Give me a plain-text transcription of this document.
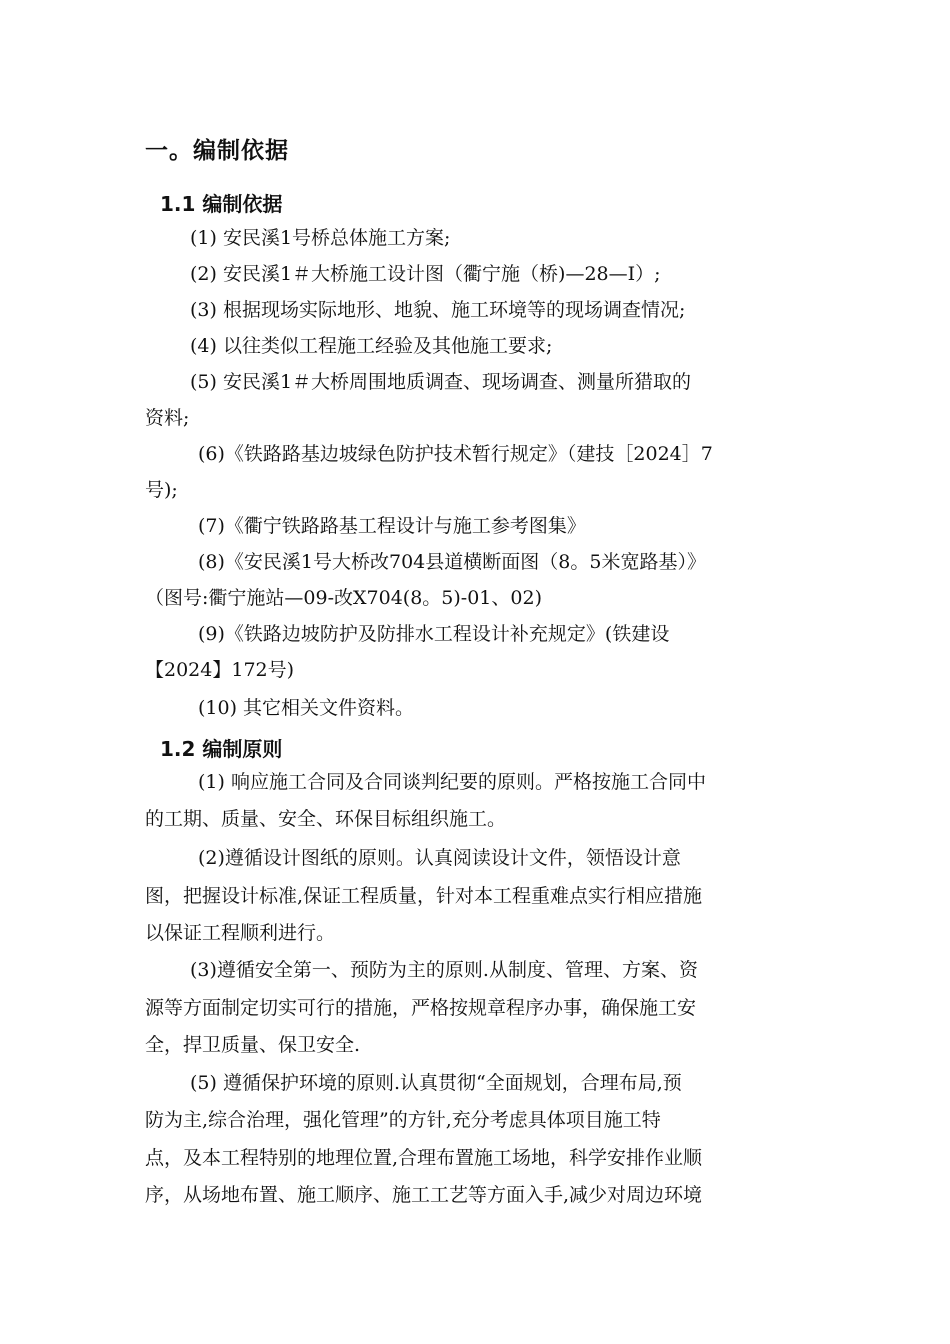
一。编制依据
1.1 编制依据
(1) 安民溪1号桥总体施工方案;
(2) 安民溪1＃大桥施工设计图（衢宁施（桥)—28—Ⅰ）;
(3) 根据现场实际地形、地貌、施工环境等的现场调查情况;
(4) 以往类似工程施工经验及其他施工要求;
(5) 安民溪1＃大桥周围地质调查、现场调查、测量所猎取的
资料;
(6)《铁路路基边坡绿色防护技术暂行规定》（建技［2024］7
号);
(7)《衢宁铁路路基工程设计与施工参考图集》
(8)《安民溪1号大桥改704县道横断面图（8。5米宽路基）》
（图号:衢宁施站—09-改X704(8。5)-01、02)
(9)《铁路边坡防护及防排水工程设计补充规定》(铁建设
【2024】172号)
(10) 其它相关文件资料。
1.2 编制原则
(1) 响应施工合同及合同谈判纪要的原则。严格按施工合同中
的工期、质量、安全、环保目标组织施工。
(2)遵循设计图纸的原则。认真阅读设计文件，领悟设计意
图，把握设计标准,保证工程质量，针对本工程重难点实行相应措施
以保证工程顺利进行。
(3)遵循安全第一、预防为主的原则.从制度、管理、方案、资
源等方面制定切实可行的措施，严格按规章程序办事，确保施工安
全，捍卫质量、保卫安全.
(5) 遵循保护环境的原则.认真贯彻“全面规划，合理布局,预
防为主,综合治理，强化管理”的方针,充分考虑具体项目施工特
点，及本工程特别的地理位置,合理布置施工场地，科学安排作业顺
序，从场地布置、施工顺序、施工工艺等方面入手,减少对周边环境
